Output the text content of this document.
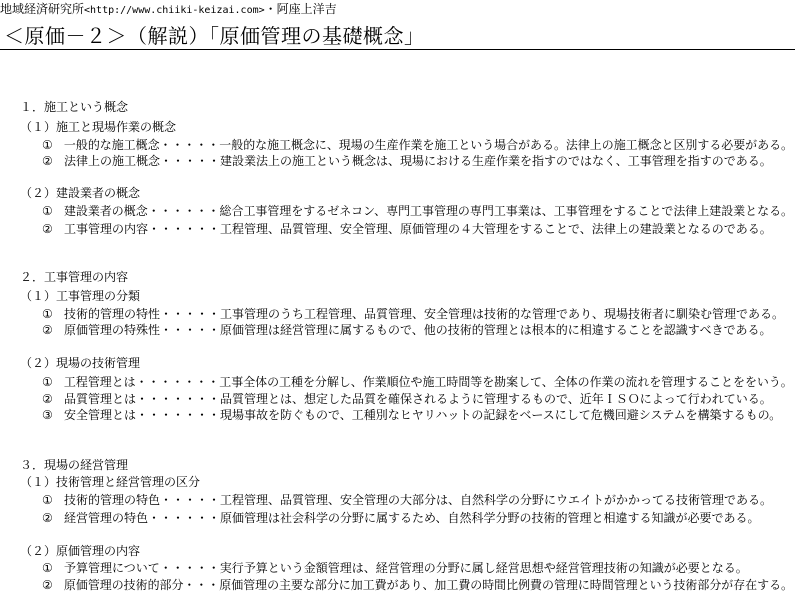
地域経済研究所<http://www.chiiki-keizai.com>・阿座上洋吉
＜原価－２＞（解説）「原価管理の基礎概念」
１．施工という概念
（１）施工と現場作業の概念
① 一般的な施工概念・・・・・一般的な施工概念に、現場の生産作業を施工という場合がある。法律上の施工概念と区別する必要がある。
② 法律上の施工概念・・・・・建設業法上の施工という概念は、現場における生産作業を指すのではなく、工事管理を指すのである。
（２）建設業者の概念
① 建設業者の概念・・・・・・総合工事管理をするゼネコン、専門工事管理の専門工事業は、工事管理をすることで法律上建設業となる。
② 工事管理の内容・・・・・・工程管理、品質管理、安全管理、原価管理の４大管理をすることで、法律上の建設業となるのである。
２．工事管理の内容
（１）工事管理の分類
① 技術的管理の特性・・・・・工事管理のうち工程管理、品質管理、安全管理は技術的な管理であり、現場技術者に馴染む管理である。
② 原価管理の特殊性・・・・・原価管理は経営管理に属するもので、他の技術的管理とは根本的に相違することを認識すべきである。
（２）現場の技術管理
① 工程管理とは・・・・・・・工事全体の工種を分解し、作業順位や施工時間等を勘案して、全体の作業の流れを管理することををいう。
② 品質管理とは・・・・・・・品質管理とは、想定した品質を確保されるように管理するもので、近年ＩＳＯによって行われている。
③ 安全管理とは・・・・・・・現場事故を防ぐもので、工種別なヒヤリハットの記録をベースにして危機回避システムを構築するもの。
３．現場の経営管理
（１）技術管理と経営管理の区分
① 技術的管理の特色・・・・・工程管理、品質管理、安全管理の大部分は、自然科学の分野にウエイトがかかってる技術管理である。
② 経営管理の特色・・・・・・原価管理は社会科学の分野に属するため、自然科学分野の技術的管理と相違する知識が必要である。
（２）原価管理の内容
① 予算管理について・・・・・実行予算という金額管理は、経営管理の分野に属し経営思想や経営管理技術の知識が必要となる。
② 原価管理の技術的部分・・・原価管理の主要な部分に加工費があり、加工費の時間比例費の管理に時間管理という技術部分が存在する。
